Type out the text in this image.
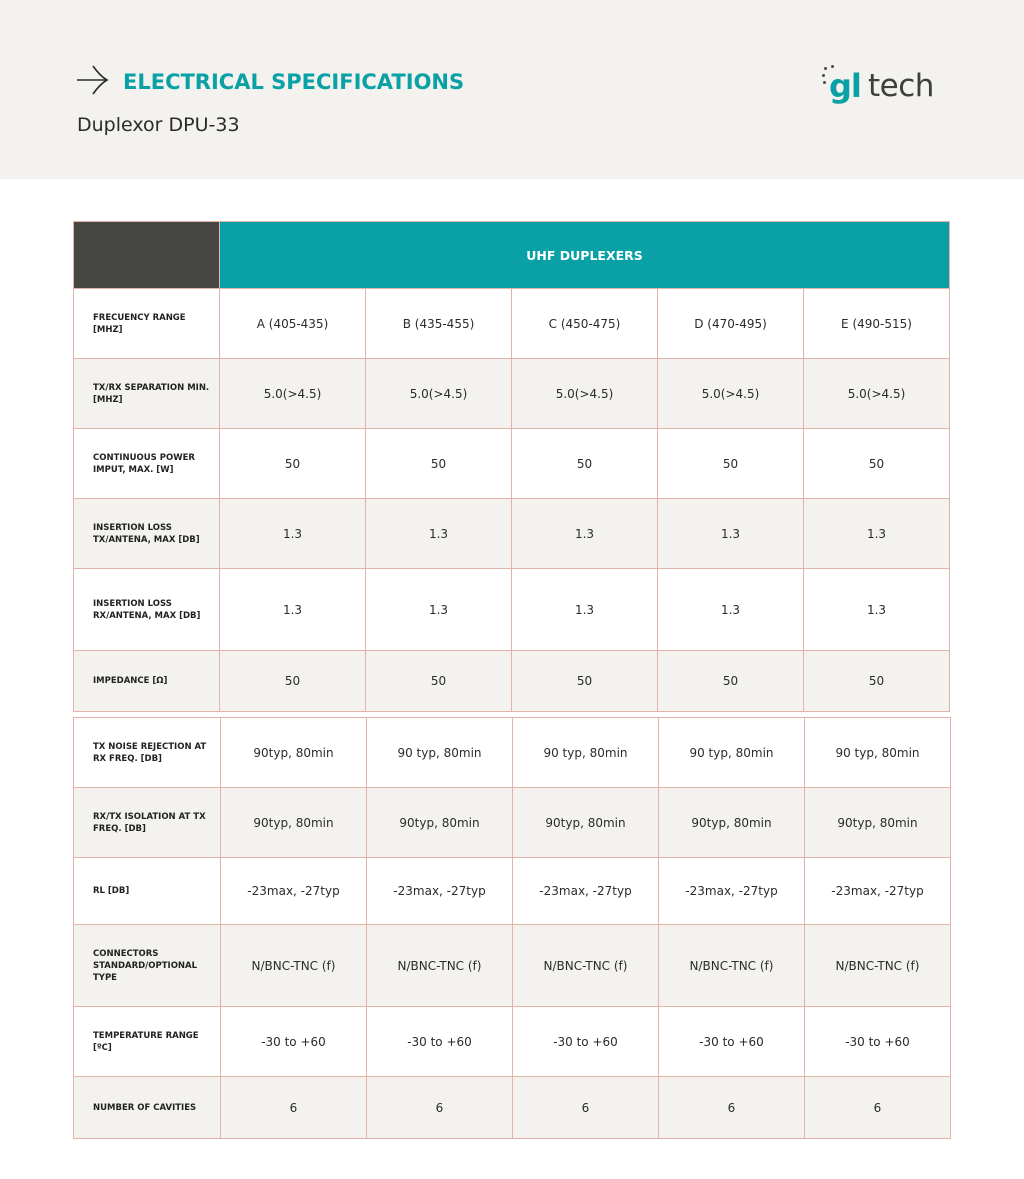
ELECTRICAL SPECIFICATIONS
Duplexor DPU-33
gl tech
	UHF DUPLEXERS				
FRECUENCY RANGE [MHZ]	A (405-435)	B (435-455)	C (450-475)	D (470-495)	E (490-515)
TX/RX SEPARATION MIN. [MHZ]	5.0(>4.5)	5.0(>4.5)	5.0(>4.5)	5.0(>4.5)	5.0(>4.5)
CONTINUOUS POWER IMPUT, MAX. [W]	50	50	50	50	50
INSERTION LOSS TX/ANTENA, MAX [DB]	1.3	1.3	1.3	1.3	1.3
INSERTION LOSS RX/ANTENA, MAX [DB]	1.3	1.3	1.3	1.3	1.3
IMPEDANCE [Ω]	50	50	50	50	50
TX NOISE REJECTION AT RX FREQ. [DB]	90typ, 80min	90 typ, 80min	90 typ, 80min	90 typ, 80min	90 typ, 80min
RX/TX ISOLATION AT TX FREQ. [DB]	90typ, 80min	90typ, 80min	90typ, 80min	90typ, 80min	90typ, 80min
RL [DB]	-23max, -27typ	-23max, -27typ	-23max, -27typ	-23max, -27typ	-23max, -27typ
CONNECTORS STANDARD/OPTIONAL TYPE	N/BNC-TNC (f)	N/BNC-TNC (f)	N/BNC-TNC (f)	N/BNC-TNC (f)	N/BNC-TNC (f)
TEMPERATURE RANGE [ºC]	-30 to +60	-30 to +60	-30 to +60	-30 to +60	-30 to +60
NUMBER OF CAVITIES	6	6	6	6	6
